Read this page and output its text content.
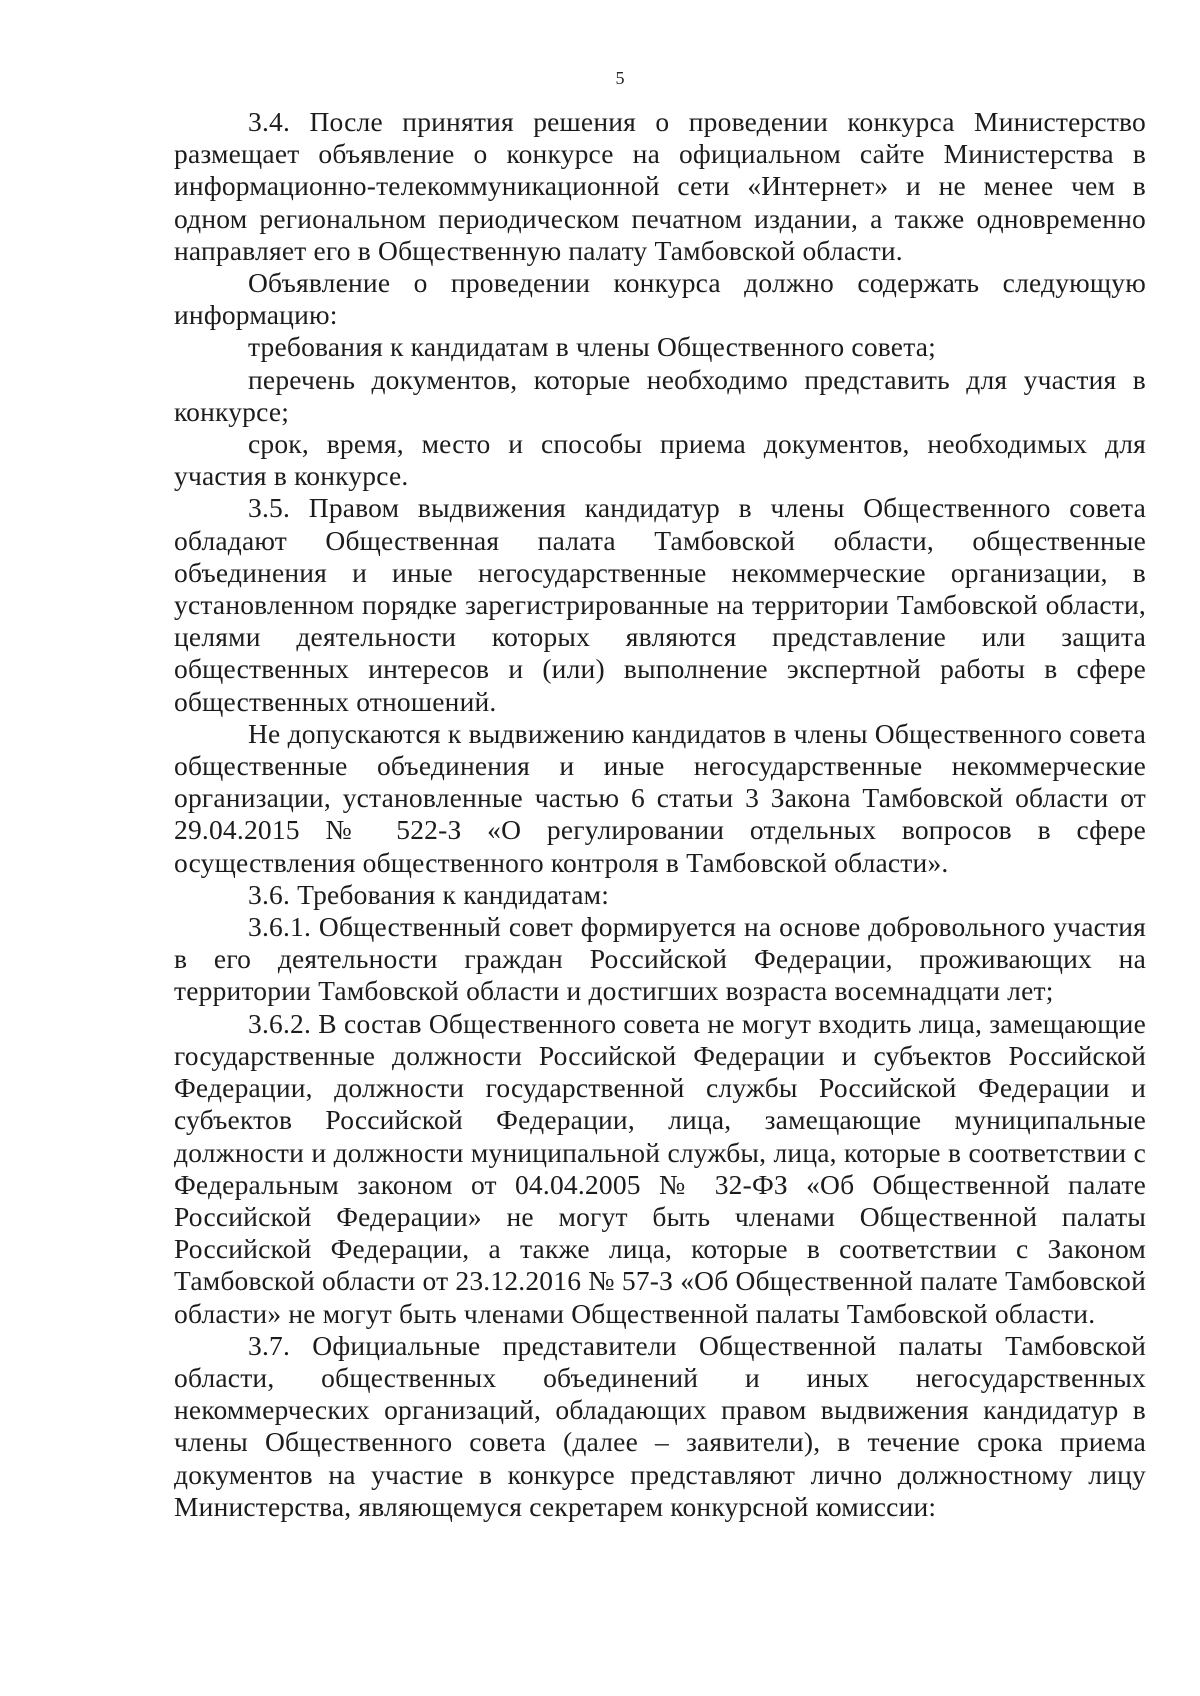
5

3.4. После принятия решения о проведении конкурса Министерство размещает объявление о конкурсе на официальном сайте Министерства в информационно-телекоммуникационной сети «Интернет» и не менее чем в одном региональном периодическом печатном издании, а также одновременно направляет его в Общественную палату Тамбовской области.

Объявление о проведении конкурса должно содержать следующую информацию:

требования к кандидатам в члены Общественного совета;

перечень документов, которые необходимо представить для участия в конкурсе;

срок, время, место и способы приема документов, необходимых для участия в конкурсе.

3.5. Правом выдвижения кандидатур в члены Общественного совета обладают Общественная палата Тамбовской области, общественные объединения и иные негосударственные некоммерческие организации, в установленном порядке зарегистрированные на территории Тамбовской области, целями деятельности которых являются представление или защита общественных интересов и (или) выполнение экспертной работы в сфере общественных отношений.

Не допускаются к выдвижению кандидатов в члены Общественного совета общественные объединения и иные негосударственные некоммерческие организации, установленные частью 6 статьи 3 Закона Тамбовской области от 29.04.2015 № 522-З «О регулировании отдельных вопросов в сфере осуществления общественного контроля в Тамбовской области».

3.6. Требования к кандидатам:

3.6.1. Общественный совет формируется на основе добровольного участия в его деятельности граждан Российской Федерации, проживающих на территории Тамбовской области и достигших возраста восемнадцати лет;

3.6.2. В состав Общественного совета не могут входить лица, замещающие государственные должности Российской Федерации и субъектов Российской Федерации, должности государственной службы Российской Федерации и субъектов Российской Федерации, лица, замещающие муниципальные должности и должности муниципальной службы, лица, которые в соответствии с Федеральным законом от 04.04.2005 № 32-ФЗ «Об Общественной палате Российской Федерации» не могут быть членами Общественной палаты Российской Федерации, а также лица, которые в соответствии с Законом Тамбовской области от 23.12.2016 № 57-З «Об Общественной палате Тамбовской области» не могут быть членами Общественной палаты Тамбовской области.

3.7. Официальные представители Общественной палаты Тамбовской области, общественных объединений и иных негосударственных некоммерческих организаций, обладающих правом выдвижения кандидатур в члены Общественного совета (далее – заявители), в течение срока приема документов на участие в конкурсе представляют лично должностному лицу Министерства, являющемуся секретарем конкурсной комиссии:
